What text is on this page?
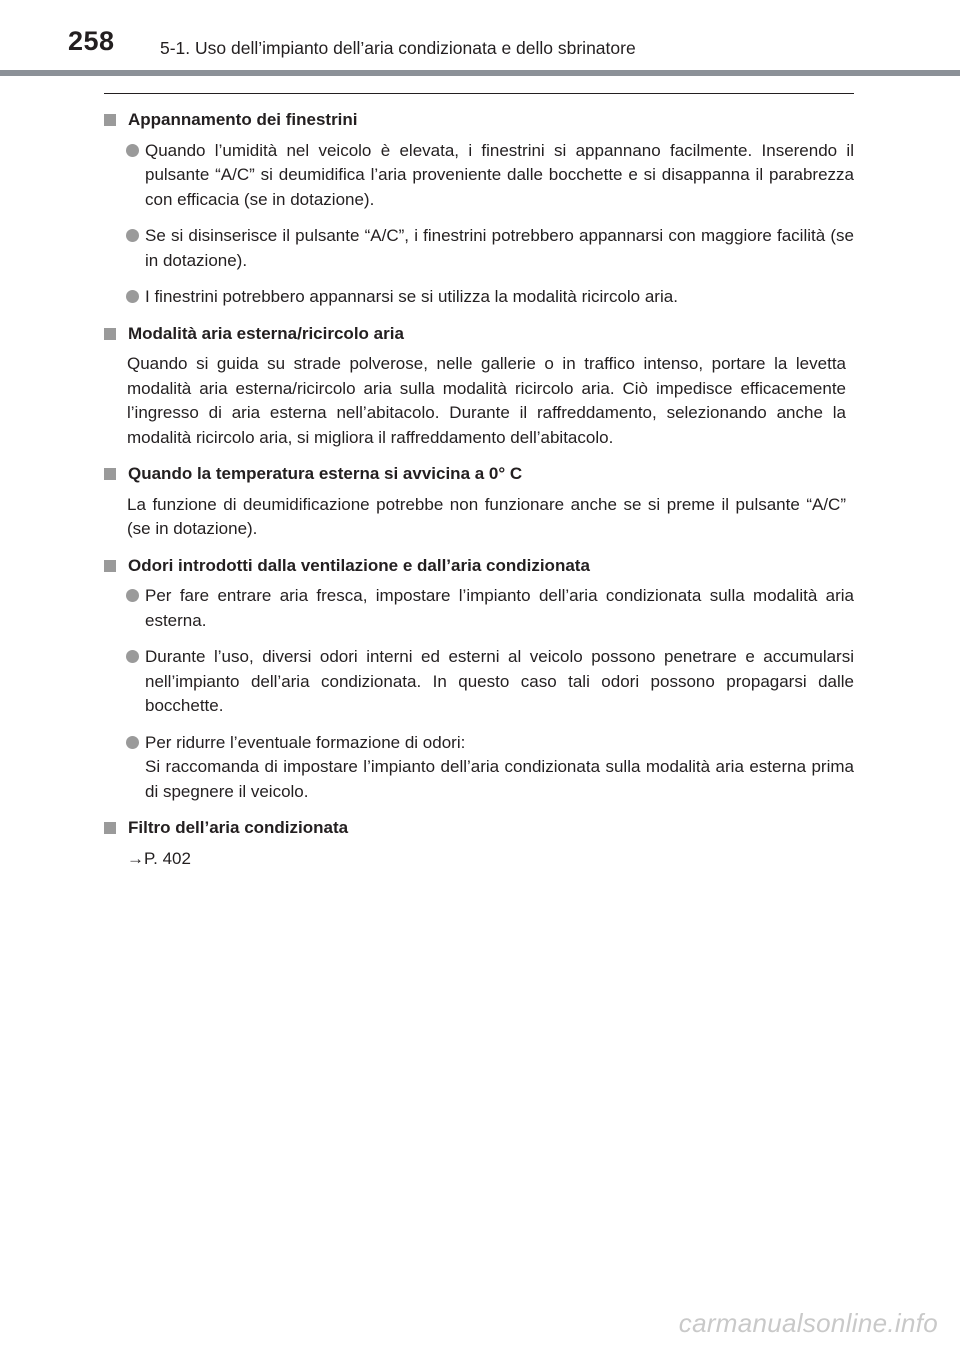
258	5-1. Uso dell’impianto dell’aria condizionata e dello sbrinatore
Appannamento dei finestrini
Quando l’umidità nel veicolo è elevata, i finestrini si appannano facilmente. Inserendo il pulsante “A/C” si deumidifica l’aria proveniente dalle bocchette e si disappanna il parabrezza con efficacia (se in dotazione).
Se si disinserisce il pulsante “A/C”, i finestrini potrebbero appannarsi con maggiore facilità (se in dotazione).
I finestrini potrebbero appannarsi se si utilizza la modalità ricircolo aria.
Modalità aria esterna/ricircolo aria
Quando si guida su strade polverose, nelle gallerie o in traffico intenso, portare la levetta modalità aria esterna/ricircolo aria sulla modalità ricircolo aria. Ciò impedisce efficacemente l’ingresso di aria esterna nell’abitacolo. Durante il raffreddamento, selezionando anche la modalità ricircolo aria, si migliora il raffreddamento dell’abitacolo.
Quando la temperatura esterna si avvicina a 0° C
La funzione di deumidificazione potrebbe non funzionare anche se si preme il pulsante “A/C” (se in dotazione).
Odori introdotti dalla ventilazione e dall’aria condizionata
Per fare entrare aria fresca, impostare l’impianto dell’aria condizionata sulla modalità aria esterna.
Durante l’uso, diversi odori interni ed esterni al veicolo possono penetrare e accumularsi nell’impianto dell’aria condizionata. In questo caso tali odori possono propagarsi dalle bocchette.
Per ridurre l’eventuale formazione di odori:
Si raccomanda di impostare l’impianto dell’aria condizionata sulla modalità aria esterna prima di spegnere il veicolo.
Filtro dell’aria condizionata
→P. 402
carmanualsonline.info
